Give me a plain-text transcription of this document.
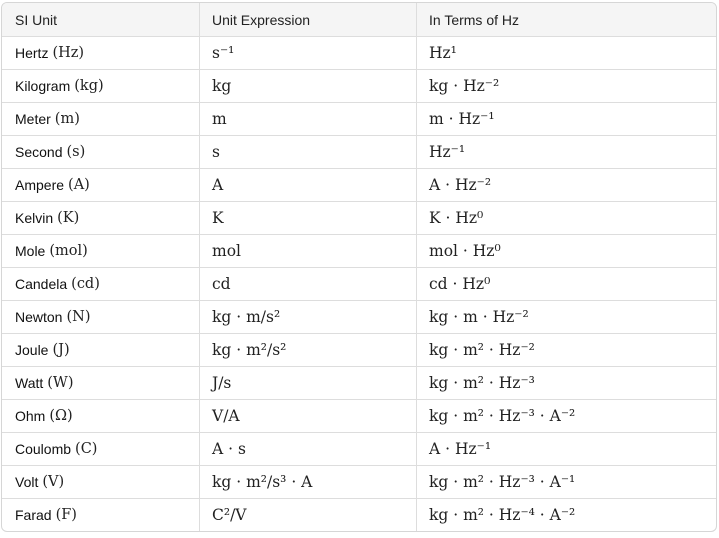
SI Unit	Unit Expression	In Terms of Hz
Hertz (Hz)	s⁻¹	Hz¹
Kilogram (kg)	kg	kg · Hz⁻²
Meter (m)	m	m · Hz⁻¹
Second (s)	s	Hz⁻¹
Ampere (A)	A	A · Hz⁻²
Kelvin (K)	K	K · Hz⁰
Mole (mol)	mol	mol · Hz⁰
Candela (cd)	cd	cd · Hz⁰
Newton (N)	kg · m/s²	kg · m · Hz⁻²
Joule (J)	kg · m²/s²	kg · m² · Hz⁻²
Watt (W)	J/s	kg · m² · Hz⁻³
Ohm (Ω)	V/A	kg · m² · Hz⁻³ · A⁻²
Coulomb (C)	A · s	A · Hz⁻¹
Volt (V)	kg · m²/s³ · A	kg · m² · Hz⁻³ · A⁻¹
Farad (F)	C²/V	kg · m² · Hz⁻⁴ · A⁻²
